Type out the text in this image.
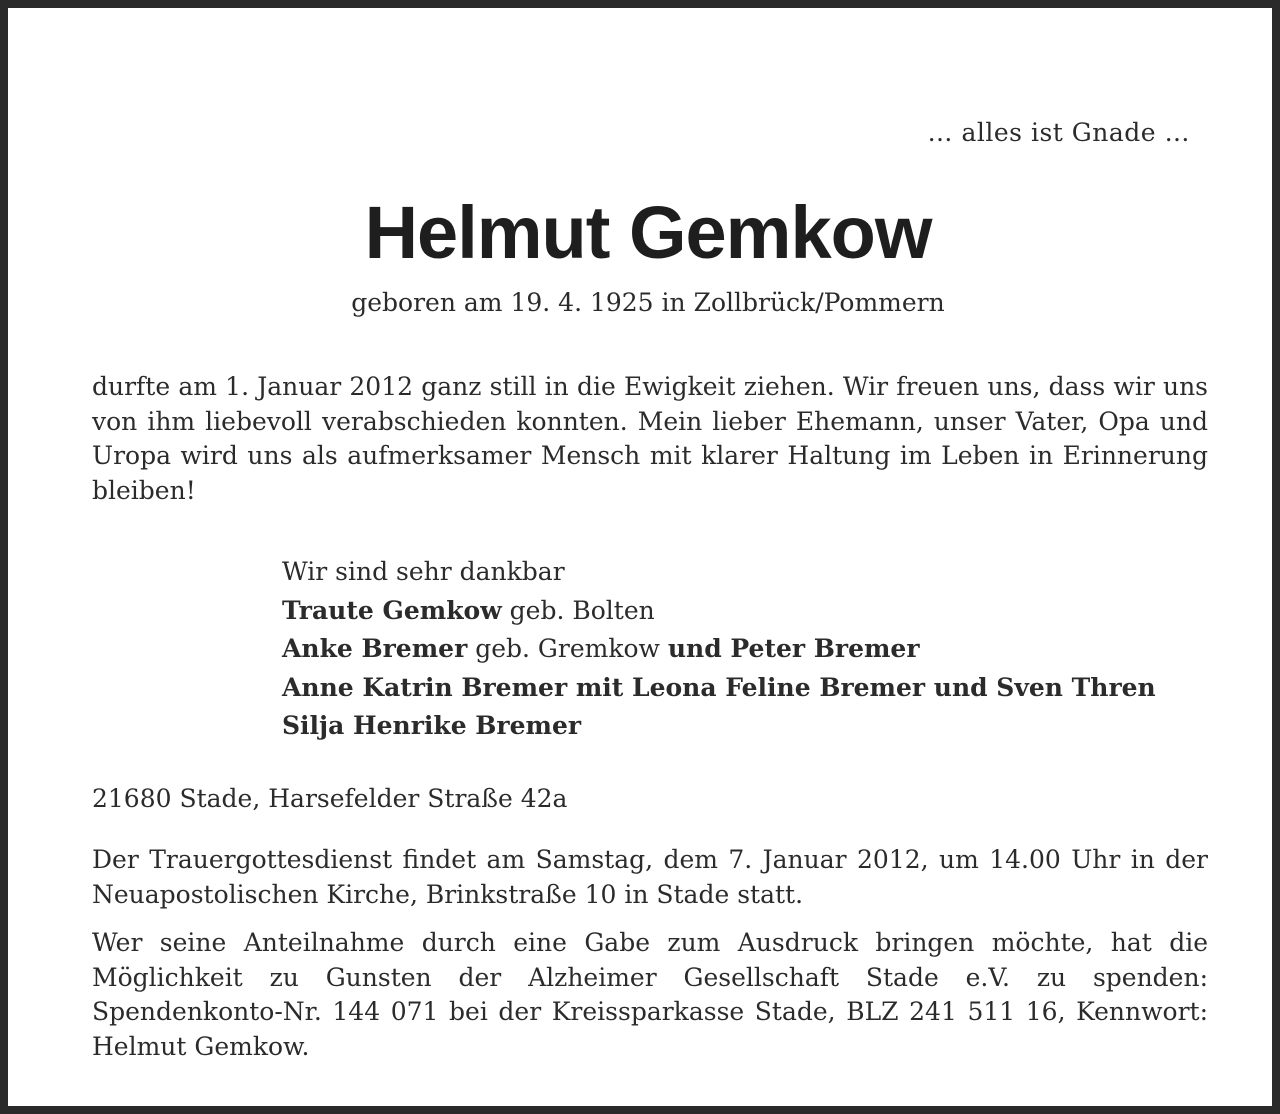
… alles ist Gnade …
Helmut Gemkow
geboren am 19. 4. 1925 in Zollbrück/Pommern
durfte am 1. Januar 2012 ganz still in die Ewigkeit ziehen. Wir freuen uns, dass wir uns von ihm liebevoll verabschieden konnten. Mein lieber Ehemann, unser Vater, Opa und Uropa wird uns als aufmerksamer Mensch mit klarer Haltung im Leben in Erinnerung bleiben!
Wir sind sehr dankbar
Traute Gemkow geb. Bolten
Anke Bremer geb. Gremkow und Peter Bremer
Anne Katrin Bremer mit Leona Feline Bremer und Sven Thren
Silja Henrike Bremer
21680 Stade, Harsefelder Straße 42a
Der Trauergottesdienst findet am Samstag, dem 7. Januar 2012, um 14.00 Uhr in der Neuapostolischen Kirche, Brinkstraße 10 in Stade statt.
Wer seine Anteilnahme durch eine Gabe zum Ausdruck bringen möchte, hat die Möglichkeit zu Gunsten der Alzheimer Gesellschaft Stade e.V. zu spenden: Spendenkonto-Nr. 144 071 bei der Kreissparkasse Stade, BLZ 241 511 16, Kennwort: Helmut Gemkow.
